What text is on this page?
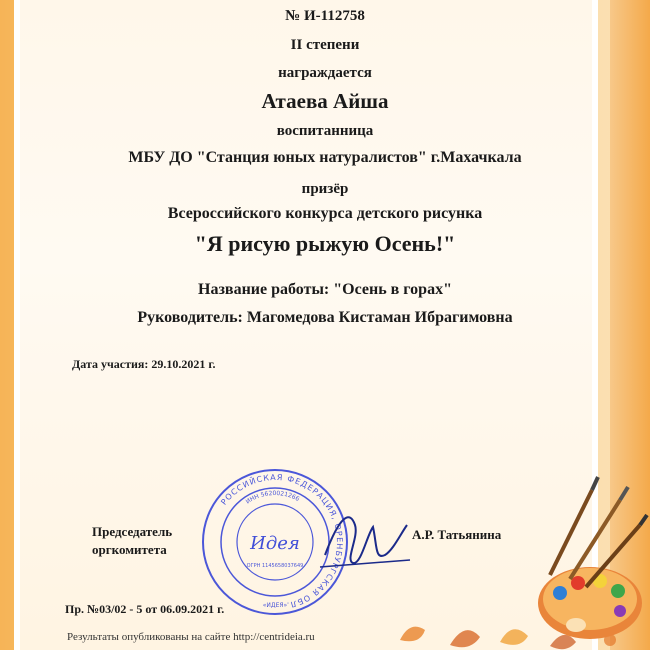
№ И-112758
II степени
награждается
Атаева Айша
воспитанница
МБУ ДО "Станция юных натуралистов" г.Махачкала
призёр
Всероссийского конкурса детского рисунка
"Я рисую рыжую Осень!"
Название работы: "Осень в горах"
Руководитель: Магомедова Кистаман Ибрагимовна
Дата участия: 29.10.2021 г.
РОССИЙСКАЯ ФЕДЕРАЦИЯ, ОРЕНБУРГСКАЯ ОБЛ.
ИНН 5620021266
Идея
ОГРН 1145658037649
«ИДЕЯ»
Председатель
оргкомитета
А.Р. Татьянина
Пр. №03/02 - 5 от 06.09.2021 г.
Результаты опубликованы на сайте http://centrideia.ru
